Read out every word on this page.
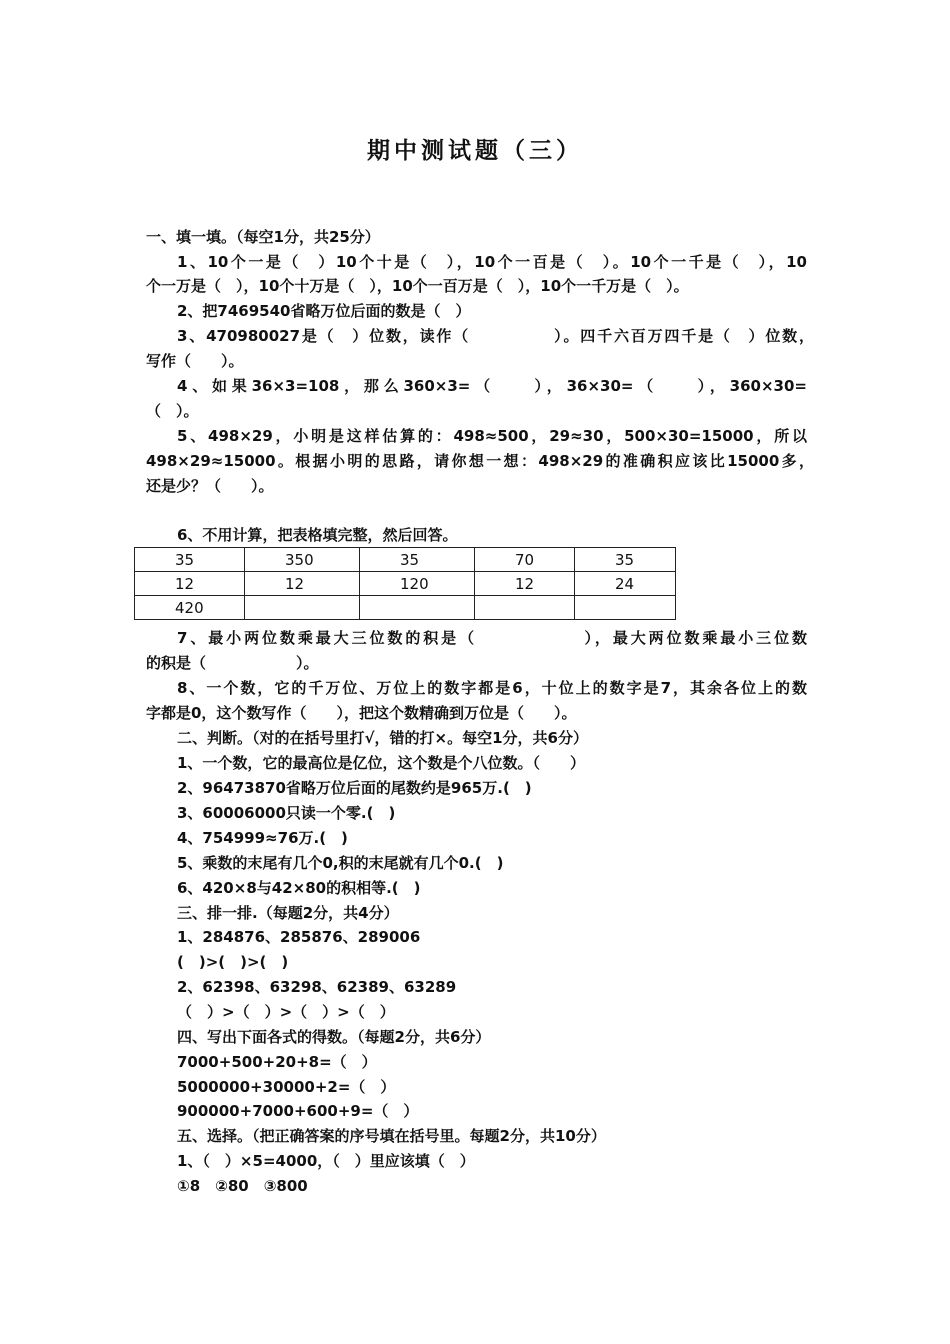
期中测试题（三）
一、填一填。（每空1分，共25分）
1、10个一是（　）10个十是（　），10个一百是（　）。10个一千是（　），10
个一万是（　），10个十万是（　），10个一百万是（　），10个一千万是（　）。
2、把7469540省略万位后面的数是（　）
3、470980027是（　）位数，读作（　　　　　）。四千六百万四千是（　）位数，
写作（　　）。
4、如果36×3=108，那么360×3=（　　），36×30=（　　），360×30=
（　）。
5、498×29，小明是这样估算的：498≈500，29≈30，500×30=15000，所以
498×29≈15000。根据小明的思路，请你想一想：498×29的准确积应该比15000多，
还是少？（　　）。
6、不用计算，把表格填完整，然后回答。
35	350	35	70	35
12	12	120	12	24
420				
7、最小两位数乘最大三位数的积是（　　　　　　），最大两位数乘最小三位数
的积是（　　　　　　）。
8、一个数，它的千万位、万位上的数字都是6，十位上的数字是7，其余各位上的数
字都是0，这个数写作（　　），把这个数精确到万位是（　　）。
二、判断。（对的在括号里打√，错的打×。每空1分，共6分）
1、一个数，它的最高位是亿位，这个数是个八位数。（　　）
2、96473870省略万位后面的尾数约是965万.(　)
3、60006000只读一个零.(　)
4、754999≈76万.(　)
5、乘数的末尾有几个0,积的末尾就有几个0.(　)
6、420×8与42×80的积相等.(　)
三、排一排.（每题2分，共4分）
1、284876、285876、289006
(　)>(　)>(　)
2、62398、63298、62389、63289
（　）>（　）>（　）>（　）
四、写出下面各式的得数。（每题2分，共6分）
7000+500+20+8=（　）
5000000+30000+2=（　）
900000+7000+600+9=（　）
五、选择。（把正确答案的序号填在括号里。每题2分，共10分）
1、（　）×5=4000，（　）里应该填（　）
①8　②80　③800
